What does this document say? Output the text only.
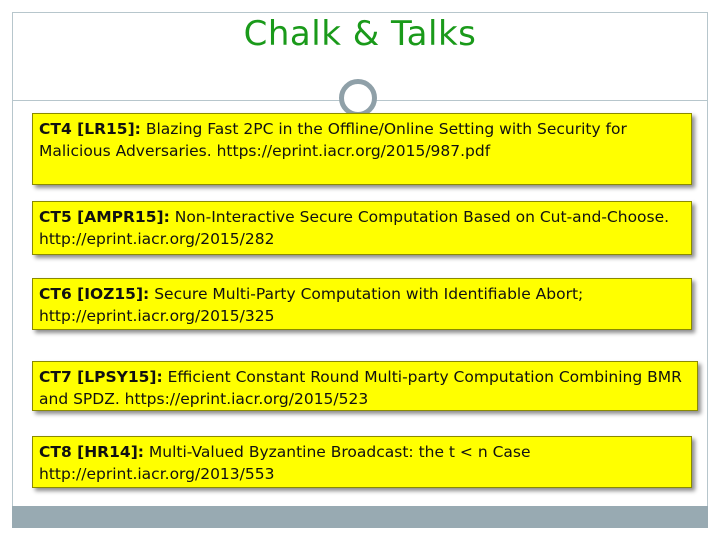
Chalk & Talks
CT4 [LR15]: Blazing Fast 2PC in the Offline/Online Setting with Security for Malicious Adversaries. https://eprint.iacr.org/2015/987.pdf
CT5 [AMPR15]: Non-Interactive Secure Computation Based on Cut-and-Choose. http://eprint.iacr.org/2015/282
CT6 [IOZ15]: Secure Multi-Party Computation with Identifiable Abort; http://eprint.iacr.org/2015/325
CT7 [LPSY15]: Efficient Constant Round Multi-party Computation Combining BMR and SPDZ. https://eprint.iacr.org/2015/523
CT8 [HR14]: Multi-Valued Byzantine Broadcast: the t < n Case http://eprint.iacr.org/2013/553
